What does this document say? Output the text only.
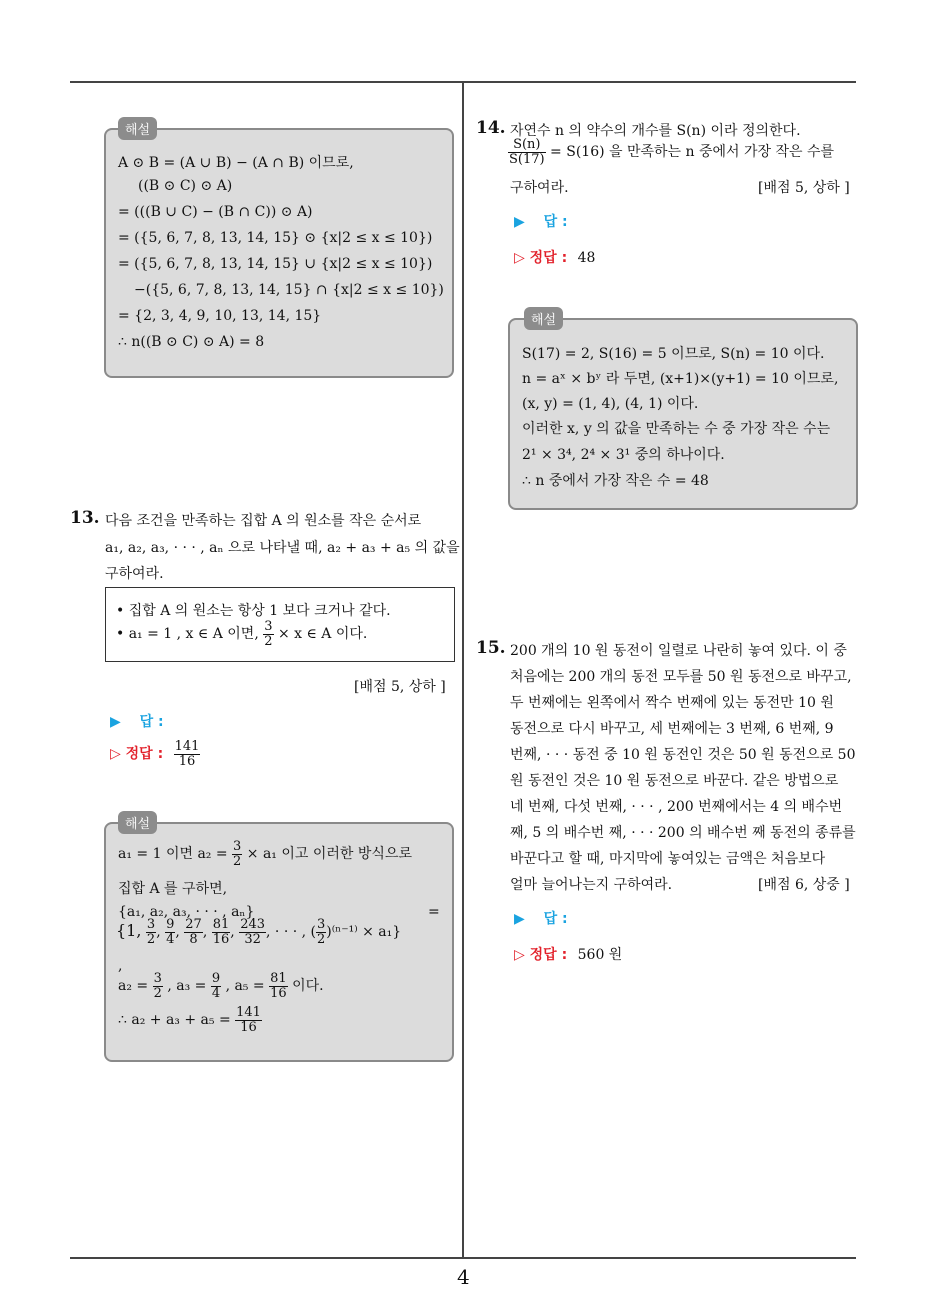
4
해설
A ⊙ B = (A ∪ B) − (A ∩ B) 이므로,
((B ⊙ C) ⊙ A)
= (((B ∪ C) − (B ∩ C)) ⊙ A)
= ({5, 6, 7, 8, 13, 14, 15} ⊙ {x|2 ≤ x ≤ 10})
= ({5, 6, 7, 8, 13, 14, 15} ∪ {x|2 ≤ x ≤ 10})
−({5, 6, 7, 8, 13, 14, 15} ∩ {x|2 ≤ x ≤ 10})
= {2, 3, 4, 9, 10, 13, 14, 15}
∴ n((B ⊙ C) ⊙ A) = 8
13. 다음 조건을 만족하는 집합 A 의 원소를 작은 순서로
a₁, a₂, a₃, · · · , aₙ 으로 나타낼 때, a₂ + a₃ + a₅ 의 값을
구하여라.
• 집합 A 의 원소는 항상 1 보다 크거나 같다.
• a₁ = 1 , x ∈ A 이면, $\frac{3}{2} \times x$ ∈ A 이다.
[배점 5, 상하 ]
▶ 답 :
▷ 정답 : $\frac{141}{16}$
해설
a₁ = 1 이면 $a_2 = \frac{3}{2} \times a_1$ 이고 이러한 방식으로
집합 A 를 구하면,
{a₁, a₂, a₃, · · · , aₙ}	=
{1, $\frac{3}{2}$ , $\frac{9}{4}$ , $\frac{27}{8}$ , $\frac{81}{16}$ , $\frac{243}{32}$ , · · · , ( $\frac{3}{2} )^{(n-1)} \times a_1$}
,
$a_2 = \frac{3}{2}$ , $a_3 = \frac{9}{4}$ , $a_5 = \frac{81}{16}$ 이다.
∴ $a_2 + a_3 + a_5 = \frac{141}{16}$
14. 자연수 n 의 약수의 개수를 S(n) 이라 정의한다.
$\frac{S(n)}{S(17)} = S(16)$ 을 만족하는 n 중에서 가장 작은 수를
구하여라.	[배점 5, 상하 ]
▶ 답 :
▷ 정답 : 48
해설
S(17) = 2, S(16) = 5 이므로, S(n) = 10 이다.
n = aˣ × bʸ 라 두면, (x+1)×(y+1) = 10 이므로,
(x, y) = (1, 4), (4, 1) 이다.
이러한 x, y 의 값을 만족하는 수 중 가장 작은 수는
2¹ × 3⁴, 2⁴ × 3¹ 중의 하나이다.
∴ n 중에서 가장 작은 수 = 48
15. 200 개의 10 원 동전이 일렬로 나란히 놓여 있다. 이 중
처음에는 200 개의 동전 모두를 50 원 동전으로 바꾸고,
두 번째에는 왼쪽에서 짝수 번째에 있는 동전만 10 원
동전으로 다시 바꾸고, 세 번째에는 3 번째, 6 번째, 9
번째, · · · 동전 중 10 원 동전인 것은 50 원 동전으로 50
원 동전인 것은 10 원 동전으로 바꾼다. 같은 방법으로
네 번째, 다섯 번째, · · · , 200 번째에서는 4 의 배수번
째, 5 의 배수번 째, · · · 200 의 배수번 째 동전의 종류를
바꾼다고 할 때, 마지막에 놓여있는 금액은 처음보다
얼마 늘어나는지 구하여라.	[배점 6, 상중 ]
▶ 답 :
▷ 정답 : 560 원
